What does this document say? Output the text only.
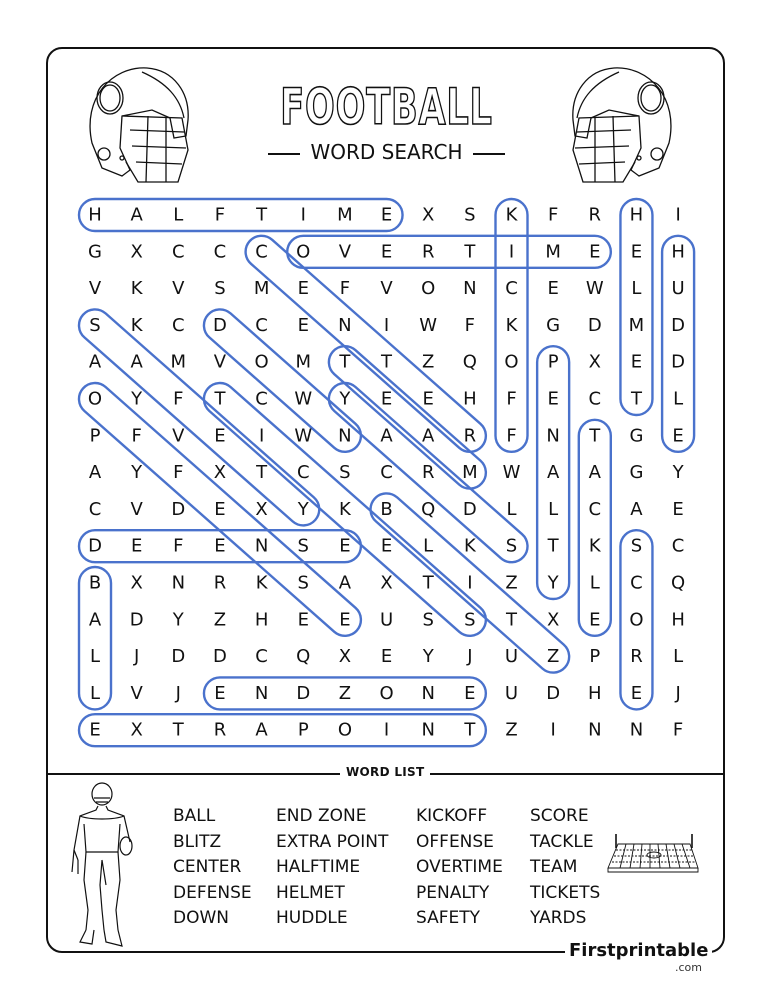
FOOTBALL
WORD SEARCH
H A L F T I M E X S K F R H I
G X C C C O V E R T I M E E H
V K V S M E F V O N C E W L U
S K C D C E N I W F K G D M D
A A M V O M T T Z Q O P X E D
O Y F T C W Y E E H F E C T L
P F V E I W N A A R F N T G E
A Y F X T C S C R M W A A G Y
C V D E X Y K B Q D L L C A E
D E F E N S E E L K S T K S C
B X N R K S A X T I Z Y L C Q
A D Y Z H E E U S S T X E O H
L J D D C Q X E Y J U Z P R L
L V J E N D Z O N E U D H E J
E X T R A P O I N T Z I N N F
WORD LIST
BALL
BLITZ
CENTER
DEFENSE
DOWN
END ZONE
EXTRA POINT
HALFTIME
HELMET
HUDDLE
KICKOFF
OFFENSE
OVERTIME
PENALTY
SAFETY
SCORE
TACKLE
TEAM
TICKETS
YARDS
Firstprintable
.com
